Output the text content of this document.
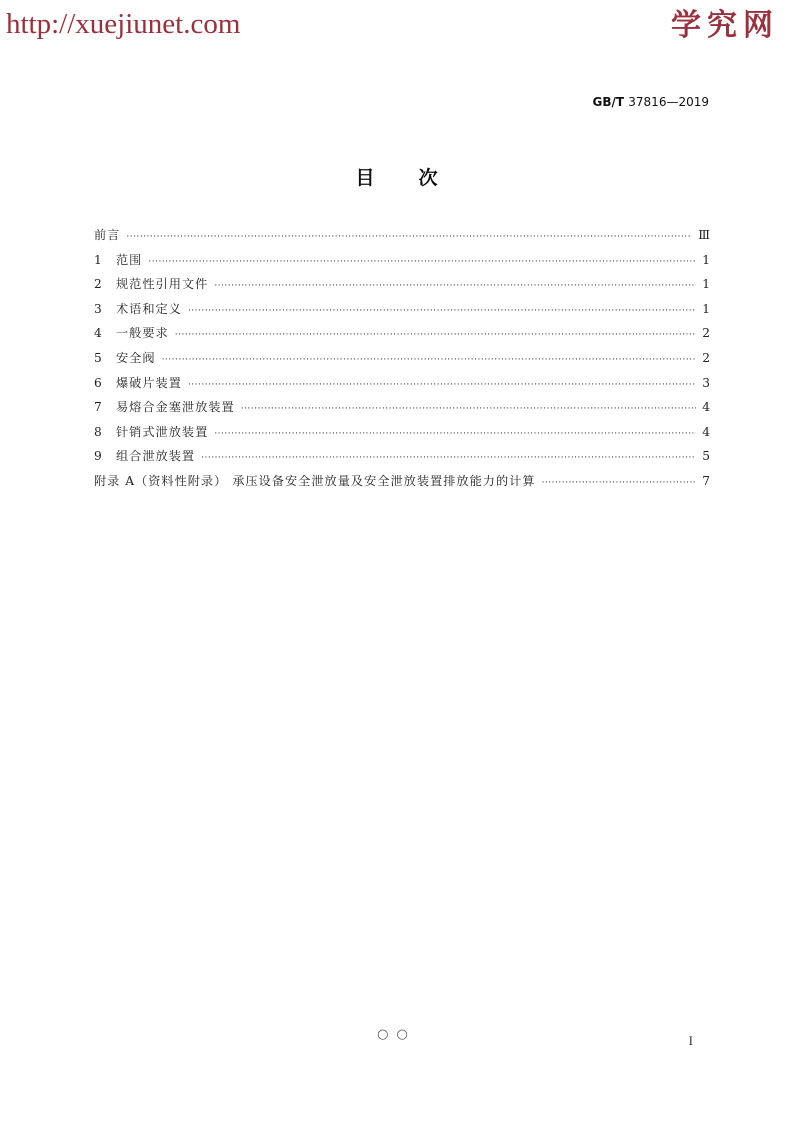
http://xuejiunet.com	学究网
GB/T 37816—2019
目次
前言 ·····	Ⅲ
1	范围 ·····	1
2	规范性引用文件 ·····	1
3	术语和定义 ·····	1
4	一般要求 ·····	2
5	安全阀 ·····	2
6	爆破片装置 ·····	3
7	易熔合金塞泄放装置 ·····	4
8	针销式泄放装置 ·····	4
9	组合泄放装置 ·····	5
附录 A（资料性附录） 承压设备安全泄放量及安全泄放装置排放能力的计算 ·····	7
○○	I
